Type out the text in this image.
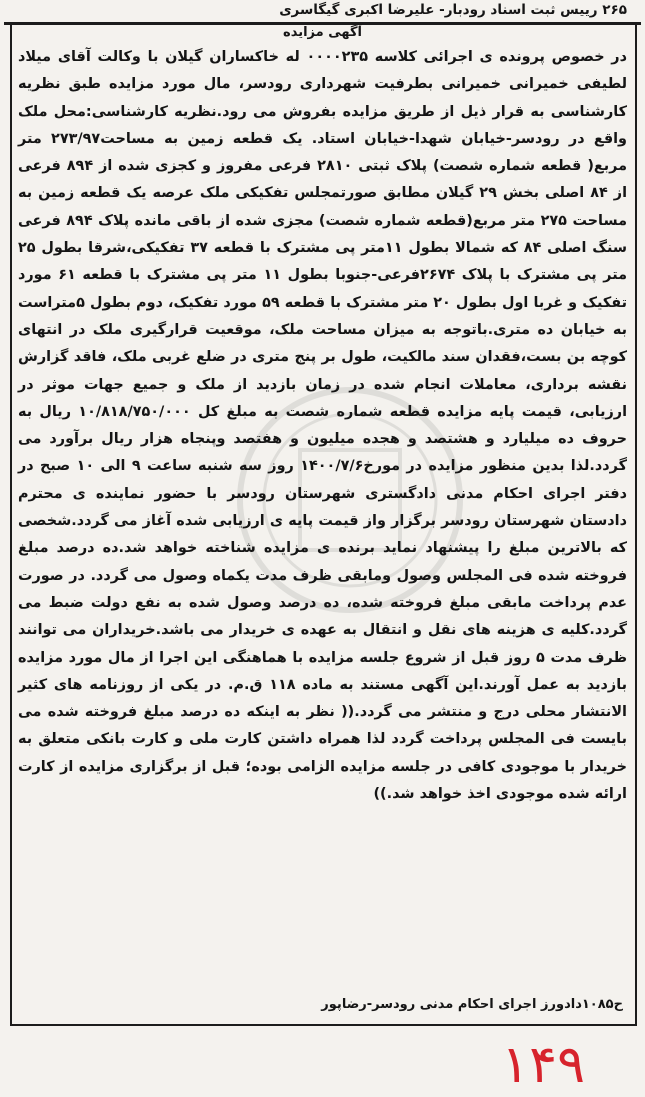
۲۶۵ رییس ثبت اسناد رودبار- علیرضا اکبری گیگاسری
آگهی مزایده
در خصوص پرونده ی اجرائی کلاسه ۰۰۰۰۲۳۵ له خاکساران گیلان با وکالت آقای میلاد لطیفی خمیرانی خمیرانی بطرفیت شهرداری رودسر، مال مورد مزایده طبق نظریه کارشناسی به قرار ذیل از طریق مزایده بفروش می رود.نظریه کارشناسی:محل ملک واقع در رودسر-خیابان شهدا-خیابان استاد. یک قطعه زمین به مساحت۲۷۳/۹۷ متر مربع( قطعه شماره شصت) پلاک ثبتی ۲۸۱۰ فرعی مفروز و کجزی شده از ۸۹۴ فرعی از ۸۴ اصلی بخش ۲۹ گیلان مطابق صورتمجلس تفکیکی ملک عرصه یک قطعه زمین به مساحت ۲۷۵ متر مربع(قطعه شماره شصت) مجزی شده از باقی مانده پلاک ۸۹۴ فرعی سنگ اصلی ۸۴ که شمالا بطول ۱۱متر پی مشترک با قطعه ۳۷ تفکیکی،شرقا بطول ۲۵ متر پی مشترک با پلاک ۲۶۷۴فرعی-جنوبا بطول ۱۱ متر پی مشترک با قطعه ۶۱ مورد تفکیک و غربا اول بطول ۲۰ متر مشترک با قطعه ۵۹ مورد تفکیک، دوم بطول ۵متراست به خیابان ده متری.باتوجه به میزان مساحت ملک، موقعیت قرارگیری ملک در انتهای کوچه بن بست،فقدان سند مالکیت، طول بر پنج متری در ضلع غربی ملک، فاقد گزارش نقشه برداری، معاملات انجام شده در زمان بازدید از ملک و جمیع جهات موثر در ارزیابی، قیمت پایه مزایده قطعه شماره شصت به مبلغ کل ۱۰/۸۱۸/۷۵۰/۰۰۰ ریال به حروف ده میلیارد و هشتصد و هجده میلیون و هفتصد وپنجاه هزار ریال برآورد می گردد.لذا بدین منظور مزایده در مورخ۱۴۰۰/۷/۶ روز سه شنبه ساعت ۹ الی ۱۰ صبح در دفتر اجرای احکام مدنی دادگستری شهرستان رودسر با حضور نماینده ی محترم دادستان شهرستان رودسر برگزار واز قیمت پایه ی ارزیابی شده آغاز می گردد.شخصی که بالاترین مبلغ را پیشنهاد نماید برنده ی مزایده شناخته خواهد شد.ده درصد مبلغ فروخته شده فی المجلس وصول ومابقی ظرف مدت یکماه وصول می گردد. در صورت عدم پرداخت مابقی مبلغ فروخته شده، ده درصد وصول شده به نفع دولت ضبط می گردد.کلیه ی هزینه های نقل و انتقال به عهده ی خریدار می باشد.خریداران می توانند ظرف مدت ۵ روز قبل از شروع جلسه مزایده با هماهنگی این اجرا از مال مورد مزایده بازدید به عمل آورند.این آگهی مستند به ماده ۱۱۸ ق.م. در یکی از روزنامه های کثیر الانتشار محلی درج و منتشر می گردد.(( نظر به اینکه ده درصد مبلغ فروخته شده می بایست فی المجلس پرداخت گردد لذا همراه داشتن کارت ملی و کارت بانکی متعلق به خریدار با موجودی کافی در جلسه مزایده الزامی بوده؛ قبل از برگزاری مزایده از کارت ارائه شده موجودی اخذ خواهد شد.))
ح۱۰۸۵دادورز اجرای احکام مدنی رودسر-رضاپور
۱۴۹
